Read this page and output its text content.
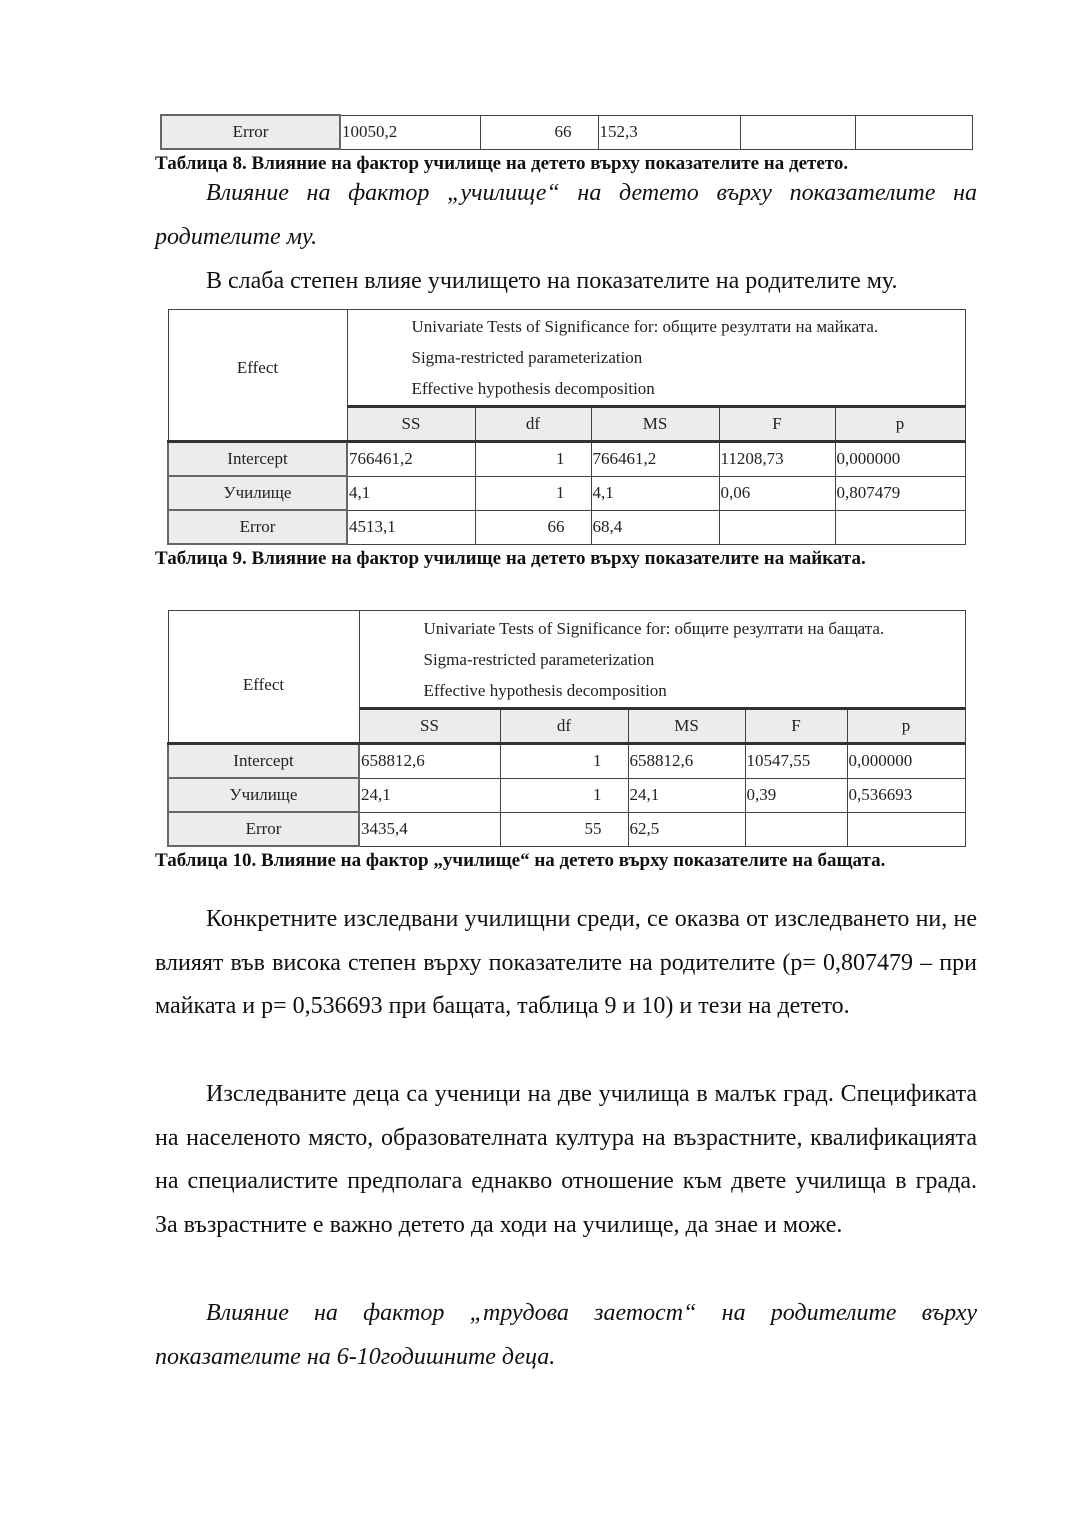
Error	10050,2	66	152,3		
Таблица 8. Влияние на фактор училище на детето върху показателите на детето.
Влияние на фактор „училище“ на детето върху показателите на родителите му.
В слаба степен влияе училището на показателите на родителите му.
Effect	Univariate Tests of Significance for: общите резултати на майката.
Sigma-restricted parameterization
Effective hypothesis decomposition				

	SS	df	MS	F	p
Intercept	766461,2	1	766461,2	11208,73	0,000000
Училище	4,1	1	4,1	0,06	0,807479
Error	4513,1	66	68,4		
Таблица 9. Влияние на фактор училище на детето върху показателите на майката.
Effect	Univariate Tests of Significance for: общите резултати на бащата.
Sigma-restricted parameterization
Effective hypothesis decomposition				

	SS	df	MS	F	p
Intercept	658812,6	1	658812,6	10547,55	0,000000
Училище	24,1	1	24,1	0,39	0,536693
Error	3435,4	55	62,5		
Таблица 10. Влияние на фактор „училище“ на детето върху показателите на бащата.
Конкретните изследвани училищни среди, се оказва от изследването ни, не влияят във висока степен върху показателите на родителите (р= 0,807479 – при майката и р= 0,536693 при бащата, таблица 9 и 10) и тези на детето.
Изследваните деца са ученици на две училища в малък град. Спецификата на населеното място, образователната култура на възрастните, квалификацията на специалистите предполага еднакво отношение към двете училища в града. За възрастните е важно детето да ходи на училище, да знае и може.
Влияние на фактор „трудова заетост“ на родителите върху показателите на 6-10годишните деца.
